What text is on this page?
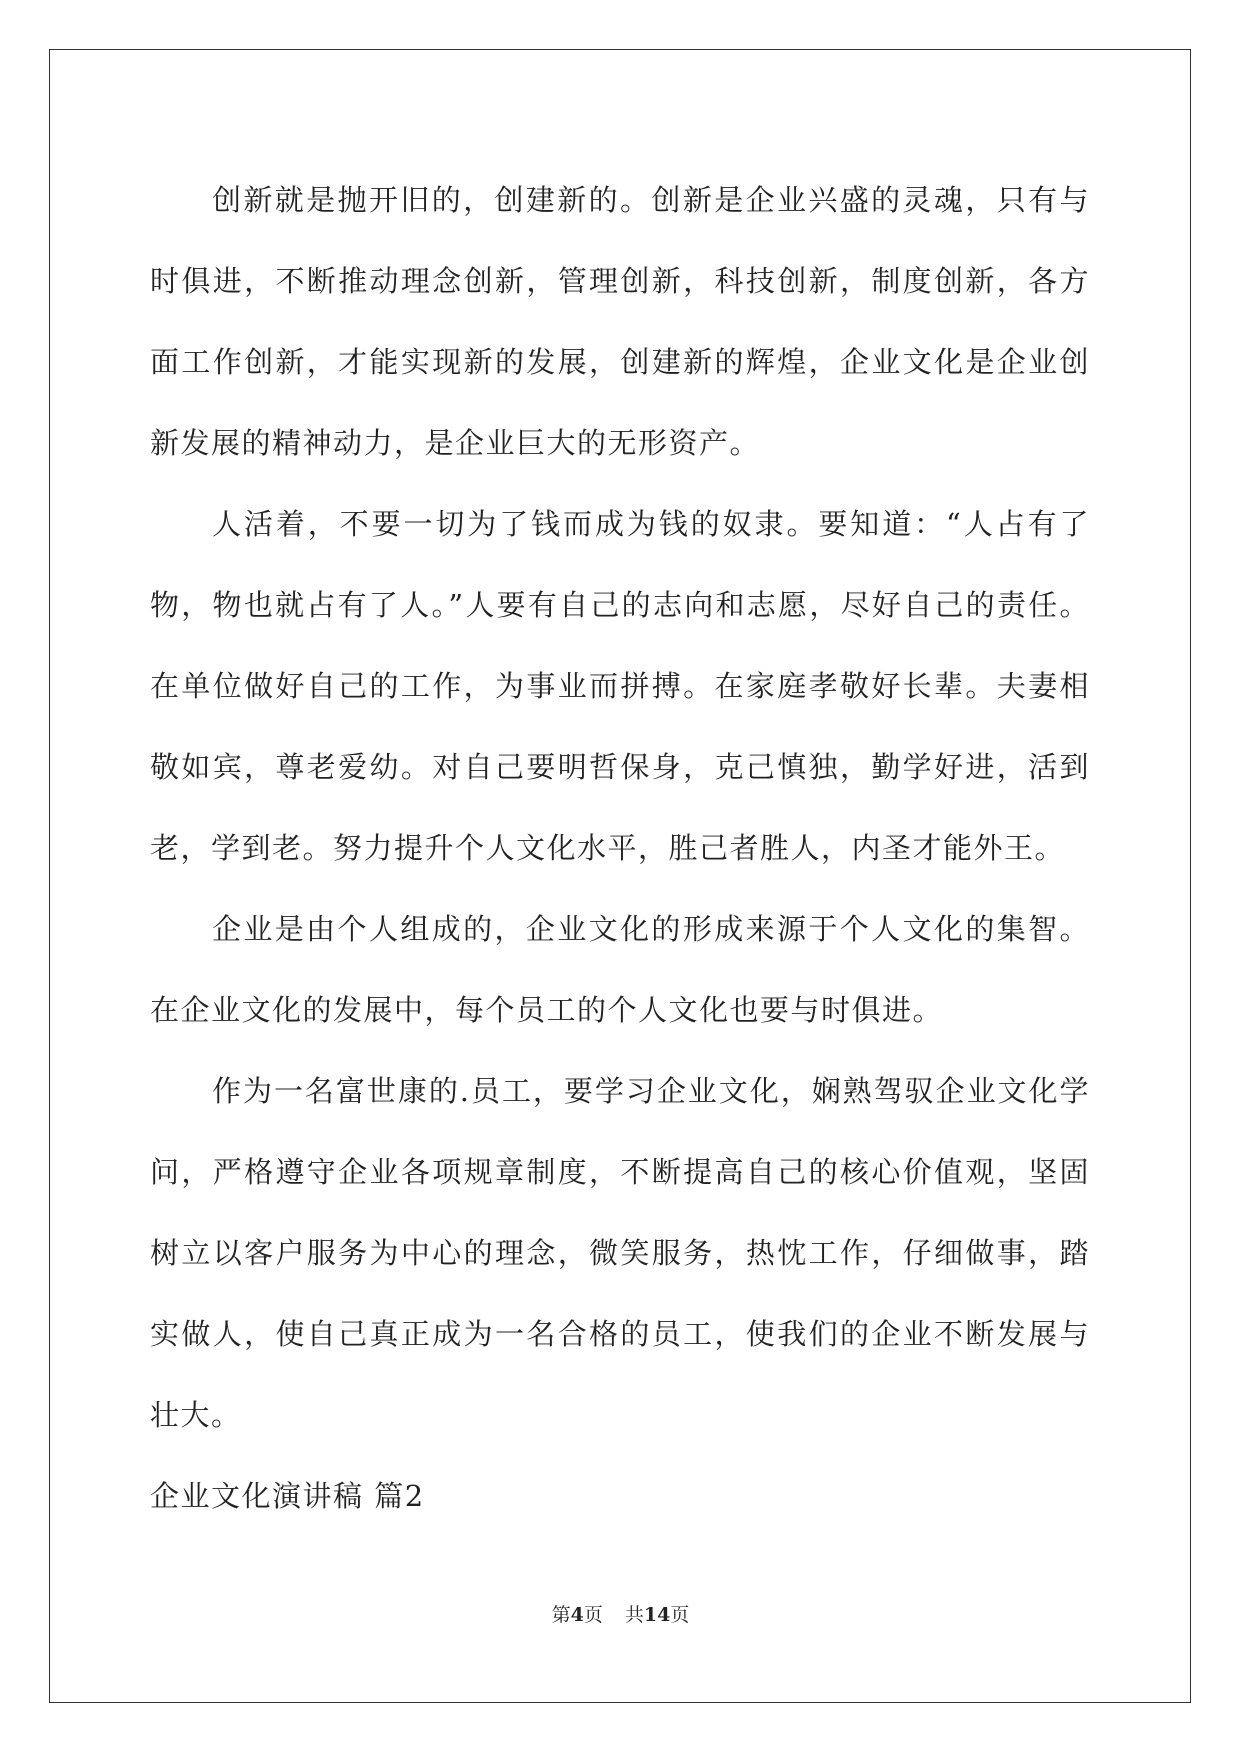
创新就是抛开旧的，创建新的。创新是企业兴盛的灵魂，只有与时俱进，不断推动理念创新，管理创新，科技创新，制度创新，各方面工作创新，才能实现新的发展，创建新的辉煌，企业文化是企业创新发展的精神动力，是企业巨大的无形资产。

人活着，不要一切为了钱而成为钱的奴隶。要知道：“人占有了物，物也就占有了人。”人要有自己的志向和志愿，尽好自己的责任。在单位做好自己的工作，为事业而拼搏。在家庭孝敬好长辈。夫妻相敬如宾，尊老爱幼。对自己要明哲保身，克己慎独，勤学好进，活到老，学到老。努力提升个人文化水平，胜己者胜人，内圣才能外王。

企业是由个人组成的，企业文化的形成来源于个人文化的集智。在企业文化的发展中，每个员工的个人文化也要与时俱进。

作为一名富世康的.员工，要学习企业文化，娴熟驾驭企业文化学问，严格遵守企业各项规章制度，不断提高自己的核心价值观，坚固树立以客户服务为中心的理念，微笑服务，热忱工作，仔细做事，踏实做人，使自己真正成为一名合格的员工，使我们的企业不断发展与壮大。

企业文化演讲稿 篇2

第4页 共14页
